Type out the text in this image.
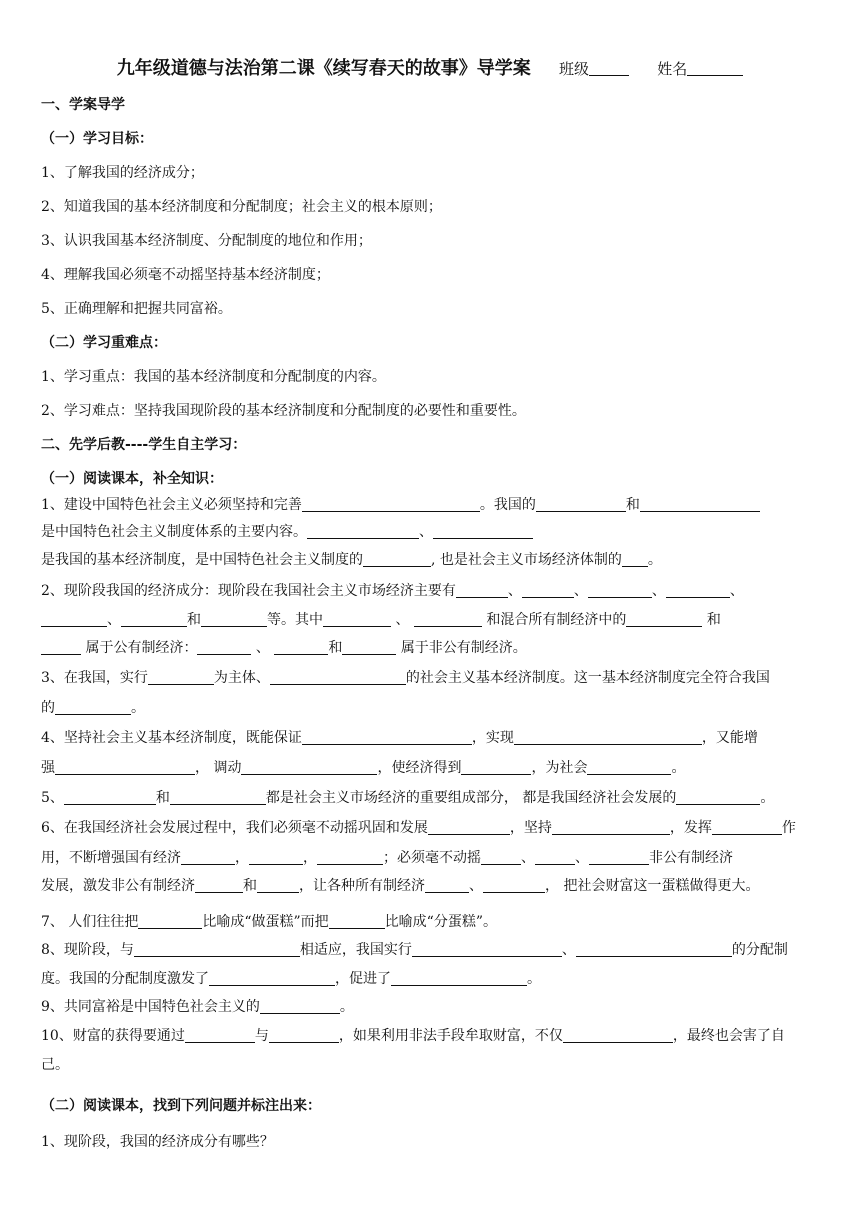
九年级道德与法治第二课《续写春天的故事》导学案 班级	姓名
一、学案导学
（一）学习目标：
1、了解我国的经济成分；
2、知道我国的基本经济制度和分配制度；社会主义的根本原则；
3、认识我国基本经济制度、分配制度的地位和作用；
4、理解我国必须毫不动摇坚持基本经济制度；
5、正确理解和把握共同富裕。
（二）学习重难点：
1、学习重点：我国的基本经济制度和分配制度的内容。
2、学习难点：坚持我国现阶段的基本经济制度和分配制度的必要性和重要性。
二、先学后教----学生自主学习：
（一）阅读课本，补全知识：
1、建设中国特色社会主义必须坚持和完善	。我国的	和
是中国特色社会主义制度体系的主要内容。	、
是我国的基本经济制度，是中国特色社会主义制度的	, 也是社会主义市场经济体制的 。
2、现阶段我国的经济成分：现阶段在我国社会主义市场经济主要有	、	、	、	、
、	和	等。其中	、	和混合所有制经济中的	和
属于公有制经济：	、	和	属于非公有制经济。
3、在我国，实行	为主体、	的社会主义基本经济制度。这一基本经济制度完全符合我国
的	。
4、坚持社会主义基本经济制度，既能保证	，实现	，又能增
强	， 调动	，使经济得到	，为社会	。
5、	和	都是社会主义市场经济的重要组成部分， 都是我国经济社会发展的	。
6、在我国经济社会发展过程中，我们必须毫不动摇巩固和发展	，坚持	，发挥	作
用，不断增强国有经济	，	，	；必须毫不动摇	、	、	非公有制经济
发展，激发非公有制经济	和	，让各种所有制经济	、	， 把社会财富这一蛋糕做得更大。
7、 人们往往把	比喻成“做蛋糕”而把	比喻成“分蛋糕”。
8、现阶段，与	相适应，我国实行	、	的分配制
度。我国的分配制度激发了	，促进了	。
9、共同富裕是中国特色社会主义的	。
10、财富的获得要通过	与	，如果利用非法手段牟取财富，不仅	，最终也会害了自
己。
（二）阅读课本，找到下列问题并标注出来：
1、现阶段，我国的经济成分有哪些？
